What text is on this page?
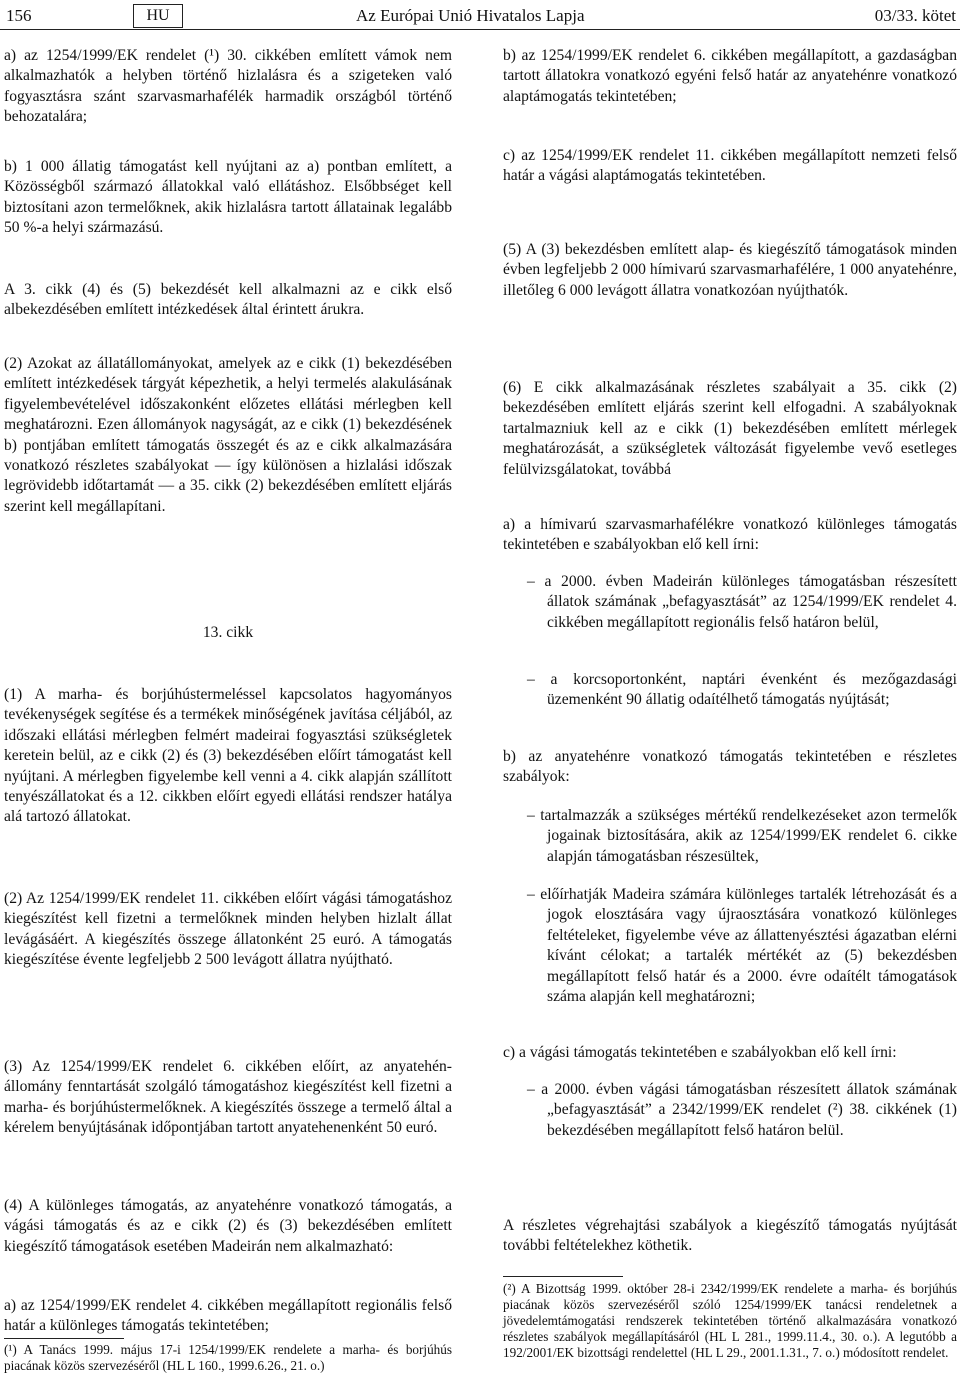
156	HU	Az Európai Unió Hivatalos Lapja	03/33. kötet

a) az 1254/1999/EK rendelet (¹) 30. cikkében említett vámok nem alkalmazhatók a helyben történő hizlalásra és a szigeteken való fogyasztásra szánt szarvasmarhafélék harmadik országból történő behozatalára;

b) 1 000 állatig támogatást kell nyújtani az a) pontban említett, a Közösségből származó állatokkal való ellátáshoz. Elsőbbséget kell biztosítani azon termelőknek, akik hizlalásra tartott állatainak legalább 50 %-a helyi származású.

A 3. cikk (4) és (5) bekezdését kell alkalmazni az e cikk első albekezdésében említett intézkedések által érintett árukra.

(2) Azokat az állatállományokat, amelyek az e cikk (1) bekezdésében említett intézkedések tárgyát képezhetik, a helyi termelés alakulásának figyelembevételével időszakonként előzetes ellátási mérlegben kell meghatározni. Ezen állományok nagyságát, az e cikk (1) bekezdésének b) pontjában említett támogatás összegét és az e cikk alkalmazására vonatkozó részletes szabályokat — így különösen a hizlalási időszak legrövidebb időtartamát — a 35. cikk (2) bekezdésében említett eljárás szerint kell megállapítani.

13. cikk

(1) A marha- és borjúhústermeléssel kapcsolatos hagyományos tevékenységek segítése és a termékek minőségének javítása céljából, az időszaki ellátási mérlegben felmért madeirai fogyasztási szükségletek keretein belül, az e cikk (2) és (3) bekezdésében előírt támogatást kell nyújtani. A mérlegben figyelembe kell venni a 4. cikk alapján szállított tenyészállatokat és a 12. cikkben előírt egyedi ellátási rendszer hatálya alá tartozó állatokat.

(2) Az 1254/1999/EK rendelet 11. cikkében előírt vágási támogatáshoz kiegészítést kell fizetni a termelőknek minden helyben hizlalt állat levágásáért. A kiegészítés összege állatonként 25 euró. A támogatás kiegészítése évente legfeljebb 2 500 levágott állatra nyújtható.

(3) Az 1254/1999/EK rendelet 6. cikkében előírt, az anyatehén-állomány fenntartását szolgáló támogatáshoz kiegészítést kell fizetni a marha- és borjúhústermelőknek. A kiegészítés összege a termelő által a kérelem benyújtásának időpontjában tartott anyatehenenként 50 euró.

(4) A különleges támogatás, az anyatehénre vonatkozó támogatás, a vágási támogatás és az e cikk (2) és (3) bekezdésében említett kiegészítő támogatások esetében Madeirán nem alkalmazható:

a) az 1254/1999/EK rendelet 4. cikkében megállapított regionális felső határ a különleges támogatás tekintetében;

(¹) A Tanács 1999. május 17-i 1254/1999/EK rendelete a marha- és borjúhús piacának közös szervezéséről (HL L 160., 1999.6.26., 21. o.)

b) az 1254/1999/EK rendelet 6. cikkében megállapított, a gazdaságban tartott állatokra vonatkozó egyéni felső határ az anyatehénre vonatkozó alaptámogatás tekintetében;

c) az 1254/1999/EK rendelet 11. cikkében megállapított nemzeti felső határ a vágási alaptámogatás tekintetében.

(5) A (3) bekezdésben említett alap- és kiegészítő támogatások minden évben legfeljebb 2 000 hímivarú szarvasmarhafélére, 1 000 anyatehénre, illetőleg 6 000 levágott állatra vonatkozóan nyújthatók.

(6) E cikk alkalmazásának részletes szabályait a 35. cikk (2) bekezdésében említett eljárás szerint kell elfogadni. A szabályoknak tartalmazniuk kell az e cikk (1) bekezdésében említett mérlegek meghatározását, a szükségletek változását figyelembe vevő esetleges felülvizsgálatokat, továbbá

a) a hímivarú szarvasmarhafélékre vonatkozó különleges támogatás tekintetében e szabályokban elő kell írni:

– a 2000. évben Madeirán különleges támogatásban részesített állatok számának „befagyasztását” az 1254/1999/EK rendelet 4. cikkében megállapított regionális felső határon belül,

– a korcsoportonként, naptári évenként és mezőgazdasági üzemenként 90 állatig odaítélhető támogatás nyújtását;

b) az anyatehénre vonatkozó támogatás tekintetében e részletes szabályok:

– tartalmazzák a szükséges mértékű rendelkezéseket azon termelők jogainak biztosítására, akik az 1254/1999/EK rendelet 6. cikke alapján támogatásban részesültek,

– előírhatják Madeira számára különleges tartalék létrehozását és a jogok elosztására vagy újraosztására vonatkozó különleges feltételeket, figyelembe véve az állattenyésztési ágazatban elérni kívánt célokat; a tartalék mértékét az (5) bekezdésben megállapított felső határ és a 2000. évre odaítélt támogatások száma alapján kell meghatározni;

c) a vágási támogatás tekintetében e szabályokban elő kell írni:

– a 2000. évben vágási támogatásban részesített állatok számának „befagyasztását” a 2342/1999/EK rendelet (²) 38. cikkének (1) bekezdésében megállapított felső határon belül.

A részletes végrehajtási szabályok a kiegészítő támogatás nyújtását további feltételekhez köthetik.

(²) A Bizottság 1999. október 28-i 2342/1999/EK rendelete a marha- és borjúhús piacának közös szervezéséről szóló 1254/1999/EK tanácsi rendeletnek a jövedelemtámogatási rendszerek tekintetében történő alkalmazására vonatkozó részletes szabályok megállapításáról (HL L 281., 1999.11.4., 30. o.). A legutóbb a 192/2001/EK bizottsági rendelettel (HL L 29., 2001.1.31., 7. o.) módosított rendelet.
